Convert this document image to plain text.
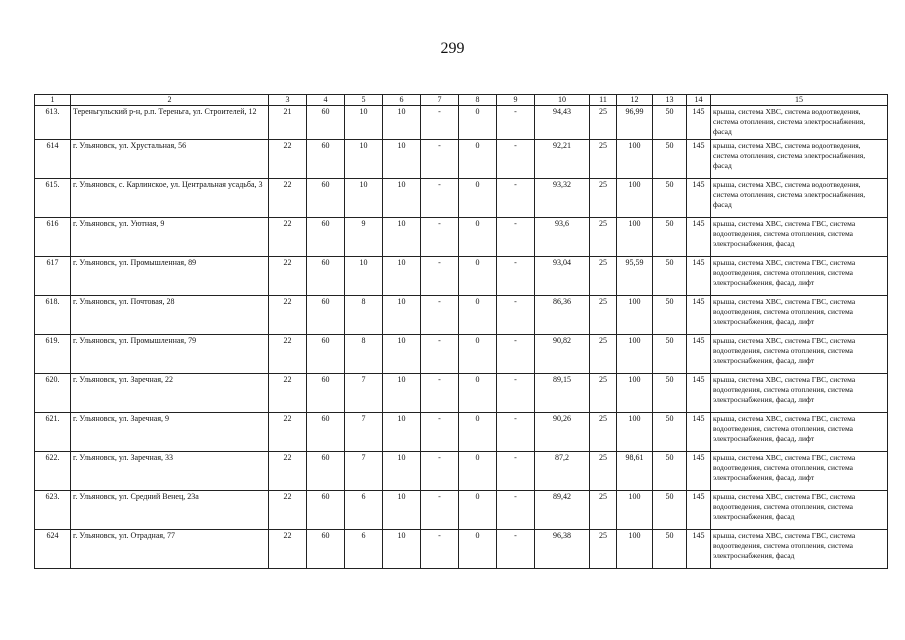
299
1	2	3	4	5	6	7	8	9	10	11	12	13	14	15
613.	Тереньгульский р-н, р.п. Тереньга, ул. Строителей, 12	21	60	10	10	-	0	-	94,43	25	96,99	50	145	крыша, система ХВС, система водоотведения, система отопления, система электроснабжения, фасад
614	г. Ульяновск, ул. Хрустальная, 56	22	60	10	10	-	0	-	92,21	25	100	50	145	крыша, система ХВС, система водоотведения, система отопления, система электроснабжения, фасад
615.	г. Ульяновск, с. Карлинское, ул. Центральная усадьба, 3	22	60	10	10	-	0	-	93,32	25	100	50	145	крыша, система ХВС, система водоотведения, система отопления, система электроснабжения, фасад
616	г. Ульяновск, ул. Уютная, 9	22	60	9	10	-	0	-	93,6	25	100	50	145	крыша, система ХВС, система ГВС, система водоотведения, система отопления, система электроснабжения, фасад
617	г. Ульяновск, ул. Промышленная, 89	22	60	10	10	-	0	-	93,04	25	95,59	50	145	крыша, система ХВС, система ГВС, система водоотведения, система отопления, система электроснабжения, фасад, лифт
618.	г. Ульяновск, ул. Почтовая, 28	22	60	8	10	-	0	-	86,36	25	100	50	145	крыша, система ХВС, система ГВС, система водоотведения, система отопления, система электроснабжения, фасад, лифт
619.	г. Ульяновск, ул. Промышленная, 79	22	60	8	10	-	0	-	90,82	25	100	50	145	крыша, система ХВС, система ГВС, система водоотведения, система отопления, система электроснабжения, фасад, лифт
620.	г. Ульяновск, ул. Заречная, 22	22	60	7	10	-	0	-	89,15	25	100	50	145	крыша, система ХВС, система ГВС, система водоотведения, система отопления, система электроснабжения, фасад, лифт
621.	г. Ульяновск, ул. Заречная, 9	22	60	7	10	-	0	-	90,26	25	100	50	145	крыша, система ХВС, система ГВС, система водоотведения, система отопления, система электроснабжения, фасад, лифт
622.	г. Ульяновск, ул. Заречная, 33	22	60	7	10	-	0	-	87,2	25	98,61	50	145	крыша, система ХВС, система ГВС, система водоотведения, система отопления, система электроснабжения, фасад, лифт
623.	г. Ульяновск, ул. Средний Венец, 23а	22	60	6	10	-	0	-	89,42	25	100	50	145	крыша, система ХВС, система ГВС, система водоотведения, система отопления, система электроснабжения, фасад
624	г. Ульяновск, ул. Отрадная, 77	22	60	6	10	-	0	-	96,38	25	100	50	145	крыша, система ХВС, система ГВС, система водоотведения, система отопления, система электроснабжения, фасад
